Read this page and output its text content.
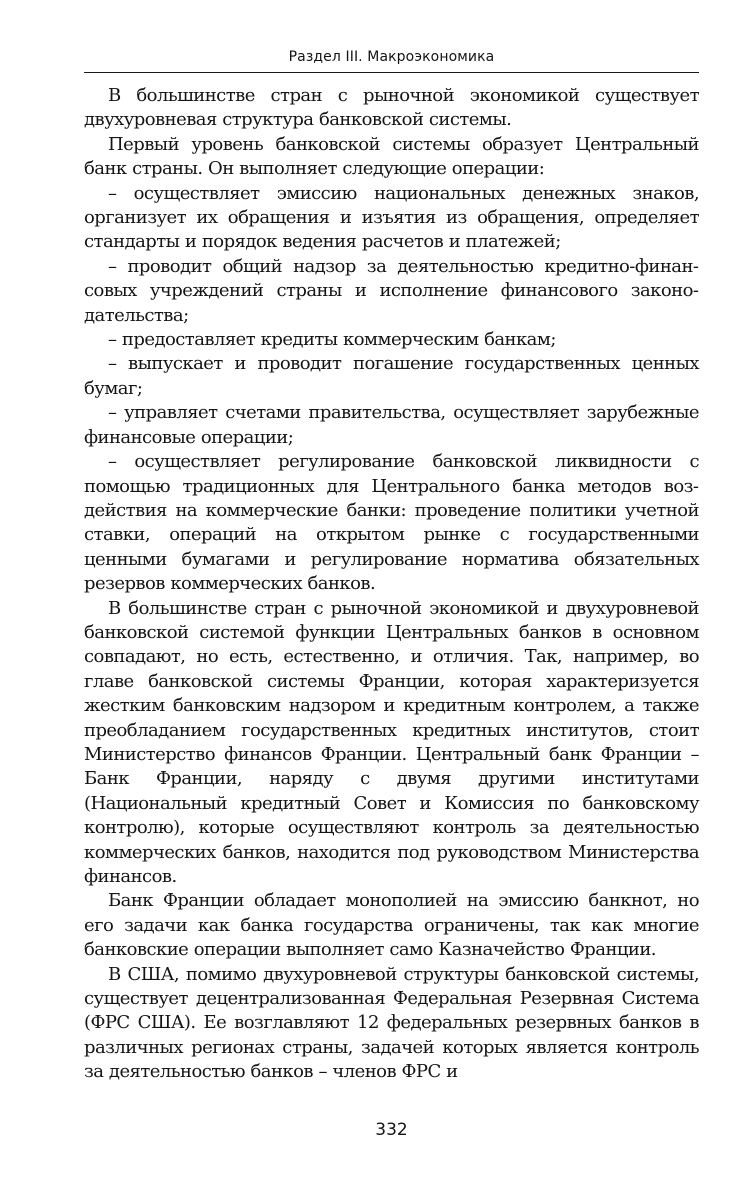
Раздел III. Макроэкономика

В большинстве стран с рыночной экономикой существует двухуровневая структура банковской системы.

Первый уровень банковской системы образует Центральный банк страны. Он выполняет следующие операции:

– осуществляет эмиссию национальных денежных знаков, организует их обращения и изъятия из обращения, определяет стандарты и порядок ведения расчетов и платежей;

– проводит общий надзор за деятельностью кредитно-финансовых учреждений страны и исполнение финансового законодательства;

– предоставляет кредиты коммерческим банкам;

– выпускает и проводит погашение государственных ценных бумаг;

– управляет счетами правительства, осуществляет зарубежные финансовые операции;

– осуществляет регулирование банковской ликвидности с помощью традиционных для Центрального банка методов воздействия на коммерческие банки: проведение политики учетной ставки, операций на открытом рынке с государственными ценными бумагами и регулирование норматива обязательных резервов коммерческих банков.

В большинстве стран с рыночной экономикой и двухуровневой банковской системой функции Центральных банков в основном совпадают, но есть, естественно, и отличия. Так, например, во главе банковской системы Франции, которая характеризуется жестким банковским надзором и кредитным контролем, а также преобладанием государственных кредитных институтов, стоит Министерство финансов Франции. Центральный банк Франции – Банк Франции, наряду с двумя другими институтами (Национальный кредитный Совет и Комиссия по банковскому контролю), которые осуществляют контроль за деятельностью коммерческих банков, находится под руководством Министерства финансов.

Банк Франции обладает монополией на эмиссию банкнот, но его задачи как банка государства ограничены, так как многие банковские операции выполняет само Казначейство Франции.

В США, помимо двухуровневой структуры банковской системы, существует децентрализованная Федеральная Резервная Система (ФРС США). Ее возглавляют 12 федеральных резервных банков в различных регионах страны, задачей которых является контроль за деятельностью банков – членов ФРС и

332
